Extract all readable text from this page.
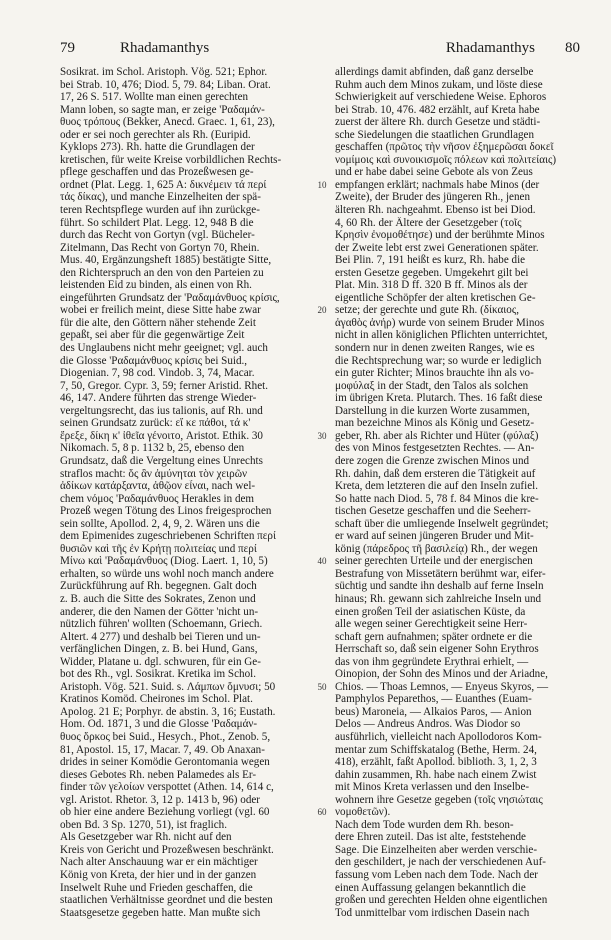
79	Rhadamanthys	Rhadamanthys 80
Sosikrat. im Schol. Aristoph. Vög. 521; Ephor.
bei Strab. 10, 476; Diod. 5, 79. 84; Liban. Orat.
17, 26 S. 517. Wollte man einen gerechten
Mann loben, so sagte man, er zeige 'Ραδαμάν-
θυος τρόπους (Bekker, Anecd. Graec. 1, 61, 23),
oder er sei noch gerechter als Rh. (Euripid.
Kyklops 273). Rh. hatte die Grundlagen der
kretischen, für weite Kreise vorbildlichen Rechts-
pflege geschaffen und das Prozeßwesen ge-
ordnet (Plat. Legg. 1, 625 A: δικνέμειν τά περί
τάς δίκας), und manche Einzelheiten der spä-
teren Rechtspflege wurden auf ihn zurückge-
führt. So schildert Plat. Legg. 12, 948 B die
durch das Recht von Gortyn (vgl. Bücheler-
Zitelmann, Das Recht von Gortyn 70, Rhein.
Mus. 40, Ergänzungsheft 1885) bestätigte Sitte,
den Richterspruch an den von den Parteien zu
leistenden Eid zu binden, als einen von Rh.
eingeführten Grundsatz der 'Ραδαμάνθυος κρίσις,
wobei er freilich meint, diese Sitte habe zwar
für die alte, den Göttern näher stehende Zeit
gepaßt, sei aber für die gegenwärtige Zeit
des Unglaubens nicht mehr geeignet; vgl. auch
die Glosse 'Ραδαμάνθυος κρίσις bei Suid.,
Diogenian. 7, 98 cod. Vindob. 3, 74, Macar.
7, 50, Gregor. Cypr. 3, 59; ferner Aristid. Rhet.
46, 147. Andere führten das strenge Wieder-
vergeltungsrecht, das ius talionis, auf Rh. und
seinen Grundsatz zurück: εἴ κε πάθοι, τά κ'
ἔρεξε, δίκη κ' ἰθεῖα γένοιτο, Aristot. Ethik. 30
Nikomach. 5, 8 p. 1132 b, 25, ebenso den
Grundsatz, daß die Vergeltung eines Unrechts
straflos macht: ὅς ἂν ἀμύνηται τὸν χειρῶν
ἀδίκων κατάρξαντα, ἀθῷον εἶναι, nach wel-
chem νόμος 'Ραδαμάνθυος Herakles in dem
Prozeß wegen Tötung des Linos freigesprochen
sein sollte, Apollod. 2, 4, 9, 2. Wären uns die
dem Epimenides zugeschriebenen Schriften περί
θυσιῶν καὶ τῆς ἐν Κρήτῃ πολιτείας und περί
Μίνω καὶ 'Ραδαμάνθυος (Diog. Laert. 1, 10, 5)
erhalten, so würde uns wohl noch manch andere
Zurückführung auf Rh. begegnen. Galt doch
z. B. auch die Sitte des Sokrates, Zenon und
anderer, die den Namen der Götter 'nicht un-
nützlich führen' wollten (Schoemann, Griech.
Altert. 4 277) und deshalb bei Tieren und un-
verfänglichen Dingen, z. B. bei Hund, Gans,
Widder, Platane u. dgl. schwuren, für ein Ge-
bot des Rh., vgl. Sosikrat. Kretika im Schol.
Aristoph. Vög. 521. Suid. s. Λάμπων ὄμνυσι; 50
Kratinos Komöd. Cheirones im Schol. Plat.
Apolog. 21 E; Porphyr. de abstin. 3, 16; Eustath.
Hom. Od. 1871, 3 und die Glosse 'Ραδαμάν-
θυος ὅρκος bei Suid., Hesych., Phot., Zenob. 5,
81, Apostol. 15, 17, Macar. 7, 49. Ob Anaxan-
drides in seiner Komödie Gerontomania wegen
dieses Gebotes Rh. neben Palamedes als Er-
finder τῶν γελοίων verspottet (Athen. 14, 614 c,
vgl. Aristot. Rhetor. 3, 12 p. 1413 b, 96) oder
ob hier eine andere Beziehung vorliegt (vgl. 60
oben Bd. 3 Sp. 1270, 51), ist fraglich.
Als Gesetzgeber war Rh. nicht auf den
Kreis von Gericht und Prozeßwesen beschränkt.
Nach alter Anschauung war er ein mächtiger
König von Kreta, der hier und in der ganzen
Inselwelt Ruhe und Frieden geschaffen, die
staatlichen Verhältnisse geordnet und die besten
Staatsgesetze gegeben hatte. Man mußte sich
allerdings damit abfinden, daß ganz derselbe
Ruhm auch dem Minos zukam, und löste diese
Schwierigkeit auf verschiedene Weise. Ephoros
bei Strab. 10, 476. 482 erzählt, auf Kreta habe
zuerst der ältere Rh. durch Gesetze und städti-
sche Siedelungen die staatlichen Grundlagen
geschaffen (πρῶτος τὴν νῆσον ἐξημερῶσαι δοκεῖ
νομίμοις καὶ συνοικισμοῖς πόλεων καὶ πολιτείαις)
und er habe dabei seine Gebote als von Zeus
empfangen erklärt; nachmals habe Minos (der
Zweite), der Bruder des jüngeren Rh., jenen
älteren Rh. nachgeahmt. Ebenso ist bei Diod.
4, 60 Rh. der Ältere der Gesetzgeber (τοῖς
Κρησὶν ἐνομοθέτησε) und der berühmte Minos
der Zweite lebt erst zwei Generationen später.
Bei Plin. 7, 191 heißt es kurz, Rh. habe die
ersten Gesetze gegeben. Umgekehrt gilt bei
Plat. Min. 318 D ff. 320 B ff. Minos als der
eigentliche Schöpfer der alten kretischen Ge-
setze; der gerechte und gute Rh. (δίκαιος,
ἀγαθὸς ἀνήρ) wurde von seinem Bruder Minos
nicht in allen königlichen Pflichten unterrichtet,
sondern nur in denen zweiten Ranges, wie es
die Rechtsprechung war; so wurde er lediglich
ein guter Richter; Minos brauchte ihn als νο-
μοφύλαξ in der Stadt, den Talos als solchen
im übrigen Kreta. Plutarch. Thes. 16 faßt diese
Darstellung in die kurzen Worte zusammen,
man bezeichne Minos als König und Gesetz-
geber, Rh. aber als Richter und Hüter (φύλαξ)
des von Minos festgesetzten Rechtes. — An-
dere zogen die Grenze zwischen Minos und
Rh. dahin, daß dem ersteren die Tätigkeit auf
Kreta, dem letzteren die auf den Inseln zufiel.
So hatte nach Diod. 5, 78 f. 84 Minos die kre-
tischen Gesetze geschaffen und die Seeherr-
schaft über die umliegende Inselwelt gegründet;
er ward auf seinen jüngeren Bruder und Mit-
könig (πάρεδρος τῆ βασιλείᾳ) Rh., der wegen
seiner gerechten Urteile und der energischen
Bestrafung von Missetätern berühmt war, eifer-
süchtig und sandte ihn deshalb auf ferne Inseln
hinaus; Rh. gewann sich zahlreiche Inseln und
einen großen Teil der asiatischen Küste, da
alle wegen seiner Gerechtigkeit seine Herr-
schaft gern aufnahmen; später ordnete er die
Herrschaft so, daß sein eigener Sohn Erythros
das von ihm gegründete Erythrai erhielt, —
Oinopion, der Sohn des Minos und der Ariadne,
Chios. — Thoas Lemnos, — Enyeus Skyros, —
Pamphylos Peparethos, — Euanthes (Euam-
beus) Maroneia, — Alkaios Paros, — Anion
Delos — Andreus Andros. Was Diodor so
ausführlich, vielleicht nach Apollodoros Kom-
mentar zum Schiffskatalog (Bethe, Herm. 24,
418), erzählt, faßt Apollod. biblioth. 3, 1, 2, 3
dahin zusammen, Rh. habe nach einem Zwist
mit Minos Kreta verlassen und den Inselbe-
wohnern ihre Gesetze gegeben (τοῖς νησιώταις
νομοθετῶν).
Nach dem Tode wurden dem Rh. beson-
dere Ehren zuteil. Das ist alte, feststehende
Sage. Die Einzelheiten aber werden verschie-
den geschildert, je nach der verschiedenen Auf-
fassung vom Leben nach dem Tode. Nach der
einen Auffassung gelangen bekanntlich die
großen und gerechten Helden ohne eigentlichen
Tod unmittelbar vom irdischen Dasein nach
10
20
30
40
50
60
